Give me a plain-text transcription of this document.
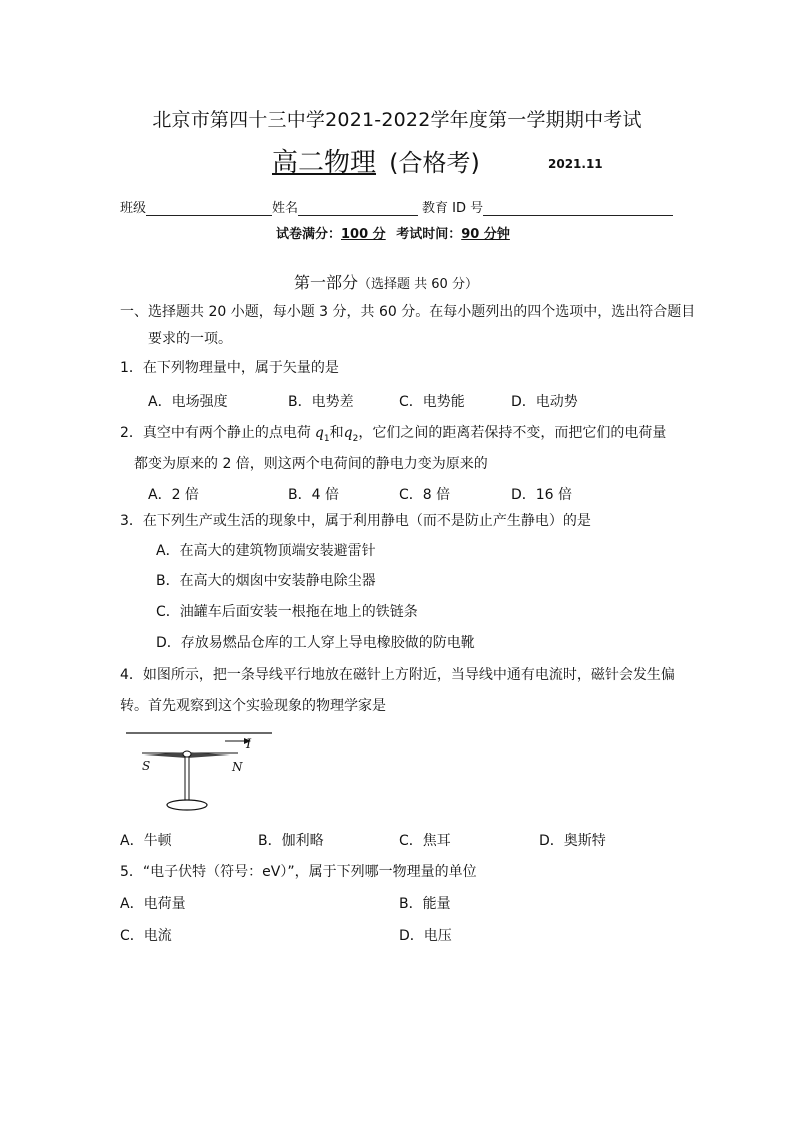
北京市第四十三中学2021-2022学年度第一学期期中考试
高二物理 (合格考)	2021.11
班级	姓名	教育 ID 号
试卷满分：100 分 考试时间：90 分钟
第一部分（选择题 共 60 分）
一、选择题共 20 小题，每小题 3 分，共 60 分。在每小题列出的四个选项中，选出符合题目
要求的一项。
1．在下列物理量中，属于矢量的是
A．电场强度	B．电势差	C．电势能	D．电动势
2．真空中有两个静止的点电荷 $q_1$和$q_2$，它们之间的距离若保持不变，而把它们的电荷量
都变为原来的 2 倍，则这两个电荷间的静电力变为原来的
A．2 倍	B．4 倍	C．8 倍	D．16 倍
3．在下列生产或生活的现象中，属于利用静电（而不是防止产生静电）的是
A．在高大的建筑物顶端安装避雷针
B．在高大的烟囱中安装静电除尘器
C．油罐车后面安装一根拖在地上的铁链条
D．存放易燃品仓库的工人穿上导电橡胶做的防电靴
4．如图所示，把一条导线平行地放在磁针上方附近，当导线中通有电流时，磁针会发生偏
转。首先观察到这个实验现象的物理学家是
I
S	N
A．牛顿	B．伽利略	C．焦耳	D．奥斯特
5．“电子伏特（符号：eV）”，属于下列哪一物理量的单位
A．电荷量	B．能量
C．电流	D．电压
